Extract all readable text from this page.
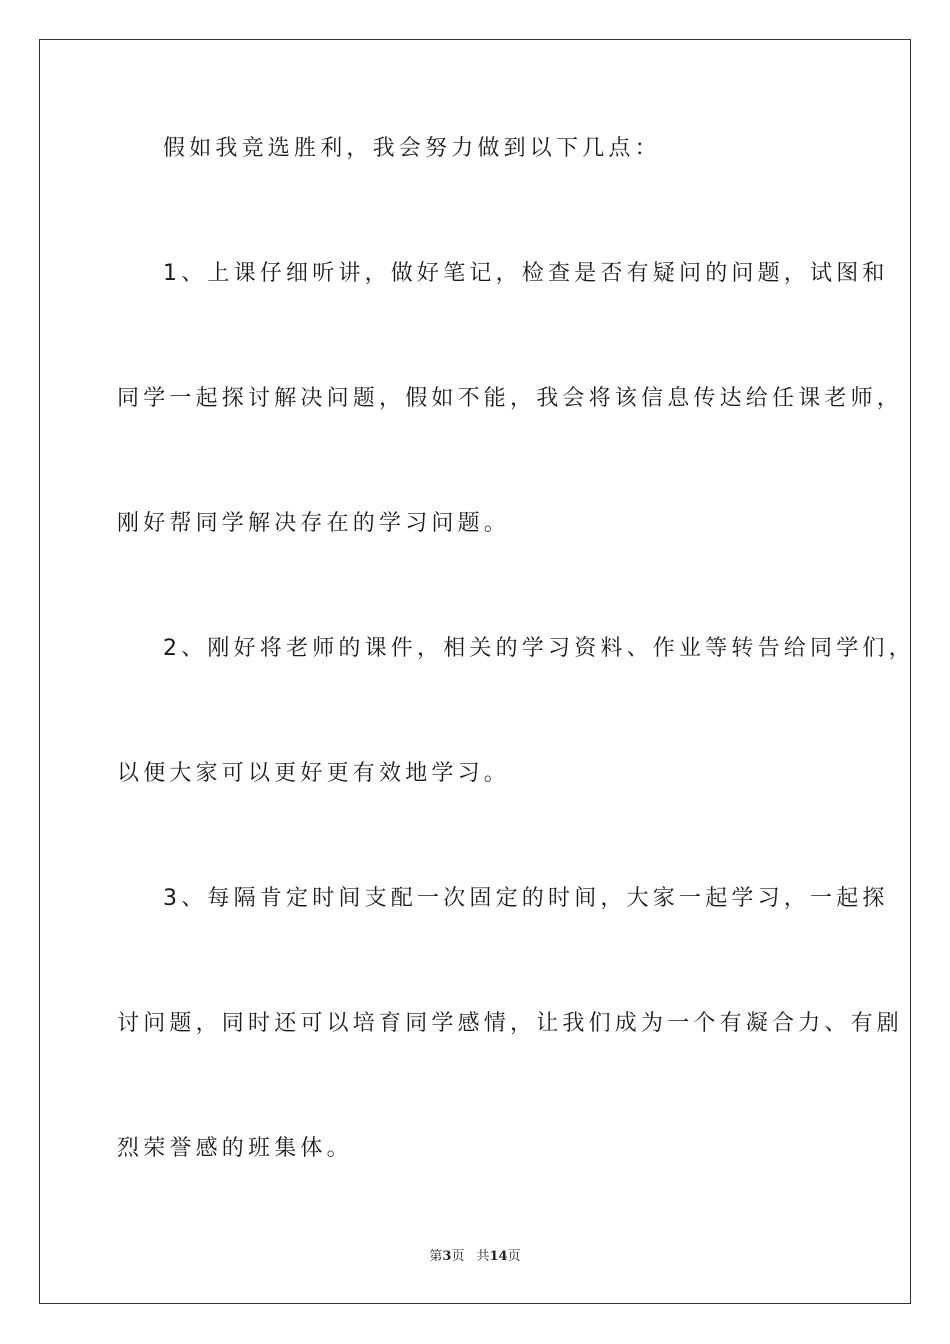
假如我竞选胜利，我会努力做到以下几点：
1、上课仔细听讲，做好笔记，检查是否有疑问的问题，试图和
同学一起探讨解决问题，假如不能，我会将该信息传达给任课老师，
刚好帮同学解决存在的学习问题。
2、刚好将老师的课件，相关的学习资料、作业等转告给同学们，
以便大家可以更好更有效地学习。
3、每隔肯定时间支配一次固定的时间，大家一起学习，一起探
讨问题，同时还可以培育同学感情，让我们成为一个有凝合力、有剧
烈荣誉感的班集体。
第3页 共14页
